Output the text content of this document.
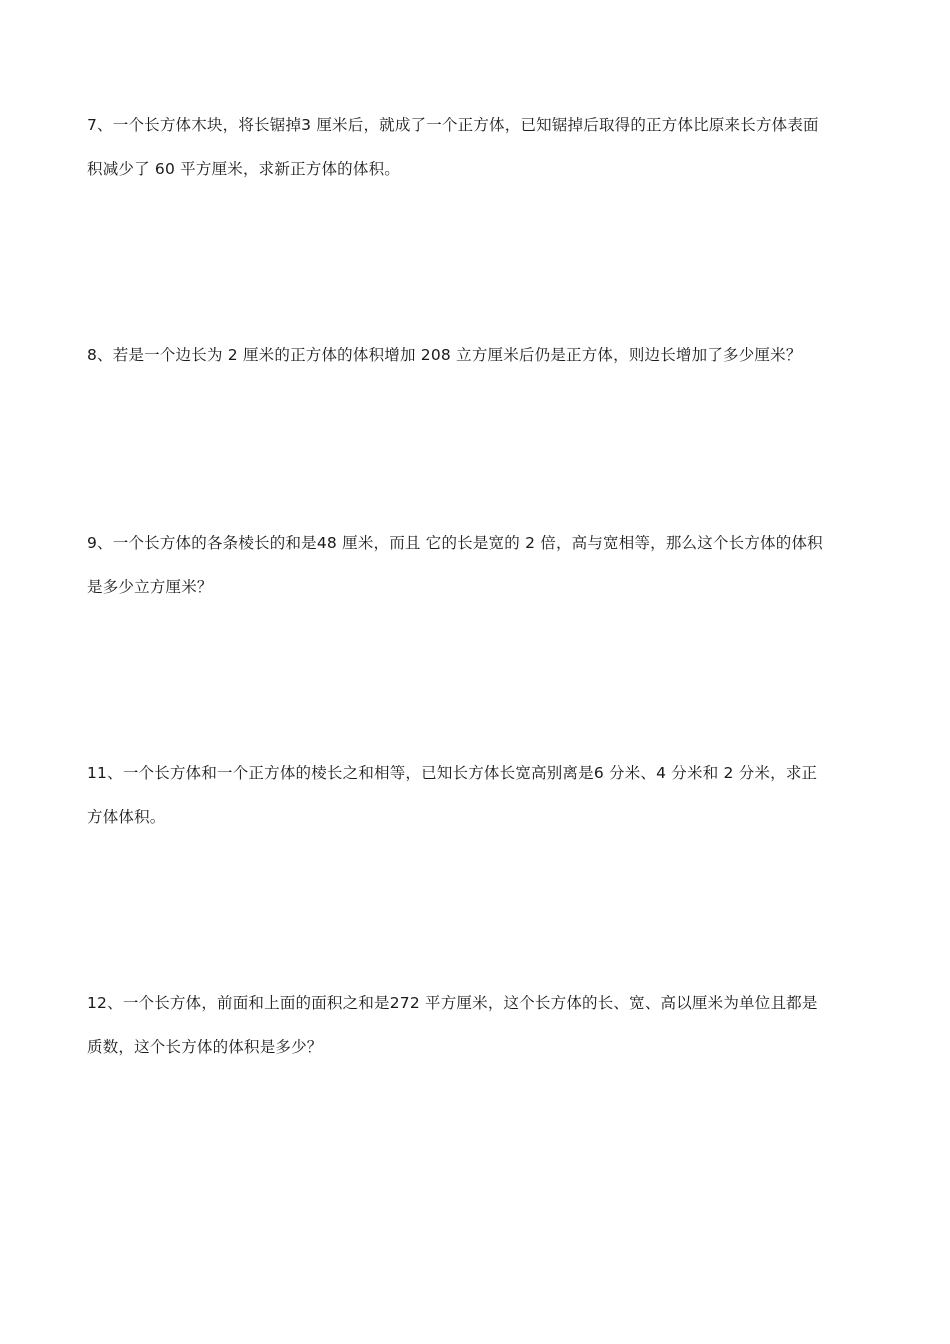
7、一个长方体木块，将长锯掉3 厘米后，就成了一个正方体，已知锯掉后取得的正方体比原来长方体表面
积减少了 60 平方厘米，求新正方体的体积。
8、若是一个边长为 2 厘米的正方体的体积增加 208 立方厘米后仍是正方体，则边长增加了多少厘米？
9、一个长方体的各条棱长的和是48 厘米，而且 它的长是宽的 2 倍，高与宽相等，那么这个长方体的体积
是多少立方厘米？
11、一个长方体和一个正方体的棱长之和相等，已知长方体长宽高别离是6 分米、4 分米和 2 分米，求正
方体体积。
12、一个长方体，前面和上面的面积之和是272 平方厘米，这个长方体的长、宽、高以厘米为单位且都是
质数，这个长方体的体积是多少？
